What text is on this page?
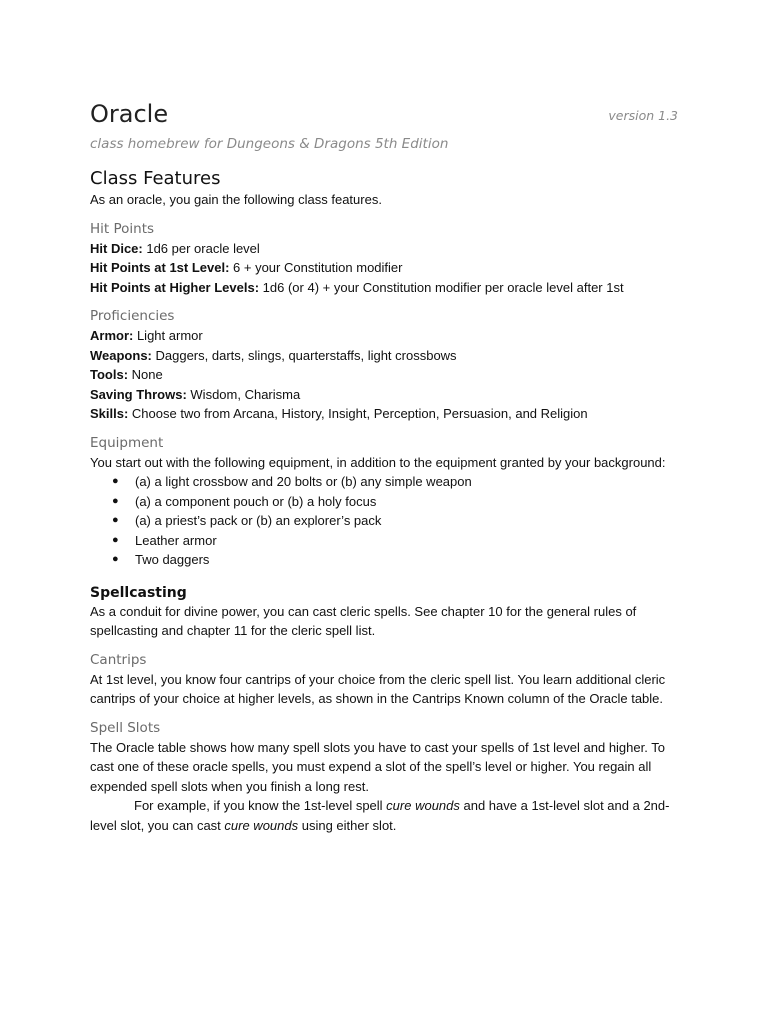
Oracle	version 1.3
class homebrew for Dungeons & Dragons 5th Edition
Class Features

As an oracle, you gain the following class features.

Hit Points
Hit Dice: 1d6 per oracle level
Hit Points at 1st Level: 6 + your Constitution modifier
Hit Points at Higher Levels: 1d6 (or 4) + your Constitution modifier per oracle level after 1st
Proficiencies
Armor: Light armor
Weapons: Daggers, darts, slings, quarterstaffs, light crossbows
Tools: None
Saving Throws: Wisdom, Charisma
Skills: Choose two from Arcana, History, Insight, Perception, Persuasion, and Religion
Equipment

You start out with the following equipment, in addition to the equipment granted by your background:

● (a) a light crossbow and 20 bolts or (b) any simple weapon
● (a) a component pouch or (b) a holy focus
● (a) a priest’s pack or (b) an explorer’s pack
● Leather armor
● Two daggers
Spellcasting

As a conduit for divine power, you can cast cleric spells. See chapter 10 for the general rules of spellcasting and chapter 11 for the cleric spell list.

Cantrips

At 1st level, you know four cantrips of your choice from the cleric spell list. You learn additional cleric cantrips of your choice at higher levels, as shown in the Cantrips Known column of the Oracle table.

Spell Slots

The Oracle table shows how many spell slots you have to cast your spells of 1st level and higher. To cast one of these oracle spells, you must expend a slot of the spell’s level or higher. You regain all expended spell slots when you finish a long rest.

For example, if you know the 1st-level spell cure wounds and have a 1st-level slot and a 2nd-level slot, you can cast cure wounds using either slot.
